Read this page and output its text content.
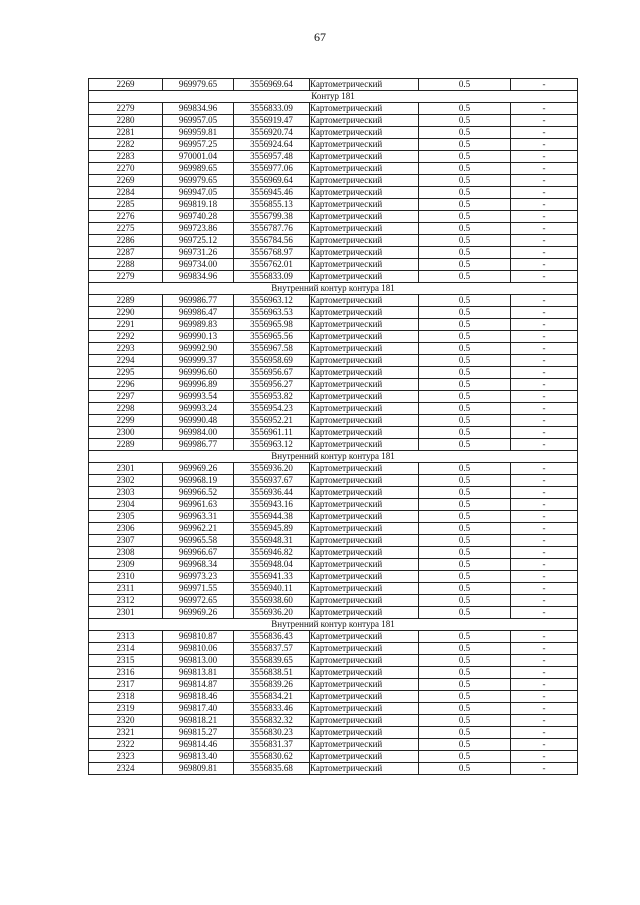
67
2269	969979.65	3556969.64	Картометрический	0.5	-
Контур 181					
2279	969834.96	3556833.09	Картометрический	0.5	-
2280	969957.05	3556919.47	Картометрический	0.5	-
2281	969959.81	3556920.74	Картометрический	0.5	-
2282	969957.25	3556924.64	Картометрический	0.5	-
2283	970001.04	3556957.48	Картометрический	0.5	-
2270	969989.65	3556977.06	Картометрический	0.5	-
2269	969979.65	3556969.64	Картометрический	0.5	-
2284	969947.05	3556945.46	Картометрический	0.5	-
2285	969819.18	3556855.13	Картометрический	0.5	-
2276	969740.28	3556799.38	Картометрический	0.5	-
2275	969723.86	3556787.76	Картометрический	0.5	-
2286	969725.12	3556784.56	Картометрический	0.5	-
2287	969731.26	3556768.97	Картометрический	0.5	-
2288	969734.00	3556762.01	Картометрический	0.5	-
2279	969834.96	3556833.09	Картометрический	0.5	-
Внутренний контур контура 181					
2289	969986.77	3556963.12	Картометрический	0.5	-
2290	969986.47	3556963.53	Картометрический	0.5	-
2291	969989.83	3556965.98	Картометрический	0.5	-
2292	969990.13	3556965.56	Картометрический	0.5	-
2293	969992.90	3556967.58	Картометрический	0.5	-
2294	969999.37	3556958.69	Картометрический	0.5	-
2295	969996.60	3556956.67	Картометрический	0.5	-
2296	969996.89	3556956.27	Картометрический	0.5	-
2297	969993.54	3556953.82	Картометрический	0.5	-
2298	969993.24	3556954.23	Картометрический	0.5	-
2299	969990.48	3556952.21	Картометрический	0.5	-
2300	969984.00	3556961.11	Картометрический	0.5	-
2289	969986.77	3556963.12	Картометрический	0.5	-
Внутренний контур контура 181					
2301	969969.26	3556936.20	Картометрический	0.5	-
2302	969968.19	3556937.67	Картометрический	0.5	-
2303	969966.52	3556936.44	Картометрический	0.5	-
2304	969961.63	3556943.16	Картометрический	0.5	-
2305	969963.31	3556944.38	Картометрический	0.5	-
2306	969962.21	3556945.89	Картометрический	0.5	-
2307	969965.58	3556948.31	Картометрический	0.5	-
2308	969966.67	3556946.82	Картометрический	0.5	-
2309	969968.34	3556948.04	Картометрический	0.5	-
2310	969973.23	3556941.33	Картометрический	0.5	-
2311	969971.55	3556940.11	Картометрический	0.5	-
2312	969972.65	3556938.60	Картометрический	0.5	-
2301	969969.26	3556936.20	Картометрический	0.5	-
Внутренний контур контура 181					
2313	969810.87	3556836.43	Картометрический	0.5	-
2314	969810.06	3556837.57	Картометрический	0.5	-
2315	969813.00	3556839.65	Картометрический	0.5	-
2316	969813.81	3556838.51	Картометрический	0.5	-
2317	969814.87	3556839.26	Картометрический	0.5	-
2318	969818.46	3556834.21	Картометрический	0.5	-
2319	969817.40	3556833.46	Картометрический	0.5	-
2320	969818.21	3556832.32	Картометрический	0.5	-
2321	969815.27	3556830.23	Картометрический	0.5	-
2322	969814.46	3556831.37	Картометрический	0.5	-
2323	969813.40	3556830.62	Картометрический	0.5	-
2324	969809.81	3556835.68	Картометрический	0.5	-
